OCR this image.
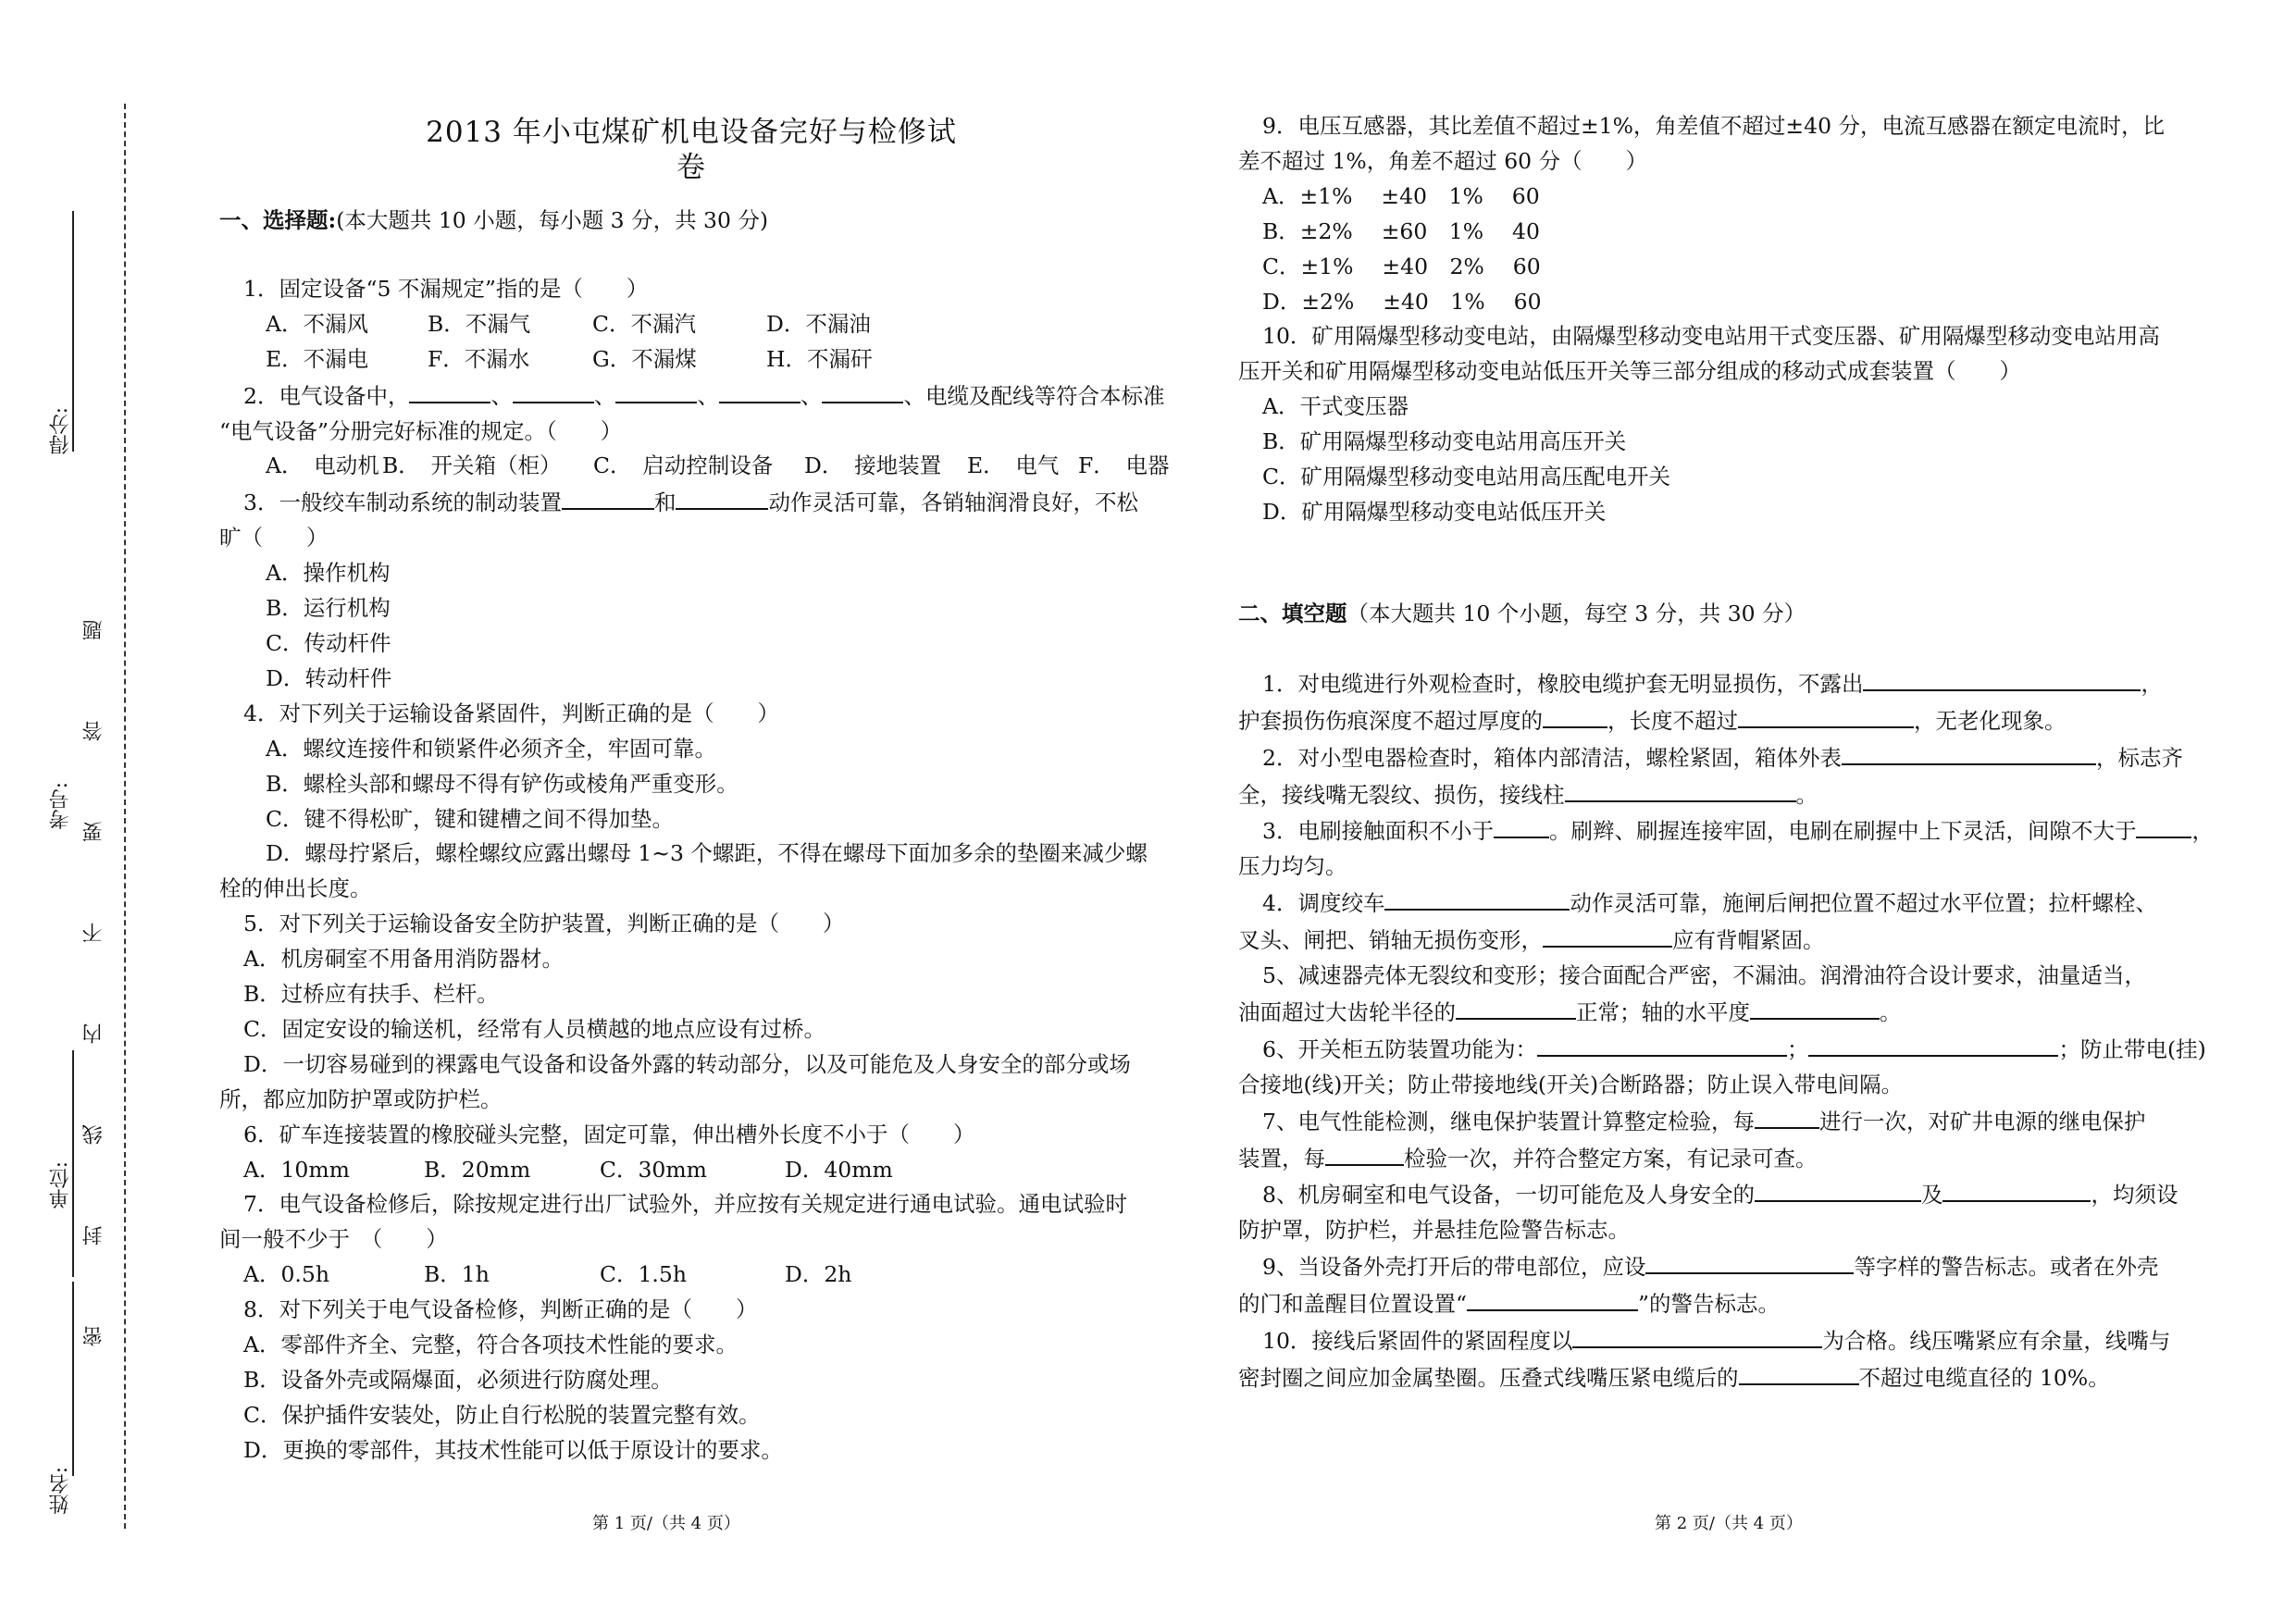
得分:
单位:
姓名:
考号: 密 封 线 内 不 要 答 题
2013 年小屯煤矿机电设备完好与检修试卷
一、选择题:(本大题共 10 小题，每小题 3 分，共 30 分)
1．固定设备“5 不漏规定”指的是（　　）
A．不漏风	B．不漏气	C．不漏汽	D．不漏油
E．不漏电	F．不漏水	G．不漏煤	H．不漏矸
2．电气设备中，	、	、	、	、	、电缆及配线等符合本标准
“电气设备”分册完好标准的规定。（　　）
A．　电动机 B．　开关箱（柜）	C．　启动控制设备	D．　接地装置	E．　电气 F．　电器
3．一般绞车制动系统的制动装置	和	动作灵活可靠，各销轴润滑良好，不松
旷（　　）
A．操作机构
B．运行机构
C．传动杆件
D．转动杆件
4．对下列关于运输设备紧固件，判断正确的是（　　）
A．螺纹连接件和锁紧件必须齐全，牢固可靠。
B．螺栓头部和螺母不得有铲伤或棱角严重变形。
C．键不得松旷，键和键槽之间不得加垫。
D．螺母拧紧后，螺栓螺纹应露出螺母 1~3 个螺距，不得在螺母下面加多余的垫圈来减少螺
栓的伸出长度。
5．对下列关于运输设备安全防护装置，判断正确的是（　　）
A．机房硐室不用备用消防器材。
B．过桥应有扶手、栏杆。
C．固定安设的输送机，经常有人员横越的地点应设有过桥。
D．一切容易碰到的裸露电气设备和设备外露的转动部分，以及可能危及人身安全的部分或场
所，都应加防护罩或防护栏。
6．矿车连接装置的橡胶碰头完整，固定可靠，伸出槽外长度不小于（　　）
A．10mm	B．20mm	C．30mm	D．40mm
7．电气设备检修后，除按规定进行出厂试验外，并应按有关规定进行通电试验。通电试验时
间一般不少于　（　　）
A．0.5h	B．1h	C．1.5h	D．2h
8．对下列关于电气设备检修，判断正确的是（　　）
A．零部件齐全、完整，符合各项技术性能的要求。
B．设备外壳或隔爆面，必须进行防腐处理。
C．保护插件安装处，防止自行松脱的装置完整有效。
D．更换的零部件，其技术性能可以低于原设计的要求。
第 1 页/（共 4 页）
9．电压互感器，其比差值不超过±1%，角差值不超过±40 分，电流互感器在额定电流时，比
差不超过 1%，角差不超过 60 分（　　）
A．±1%　 ±40　1%　 60
B．±2%　 ±60　1%　 40
C．±1%　 ±40　2%　 60
D．±2%　 ±40　1%　 60
10．矿用隔爆型移动变电站，由隔爆型移动变电站用干式变压器、矿用隔爆型移动变电站用高
压开关和矿用隔爆型移动变电站低压开关等三部分组成的移动式成套装置（　　）
A．干式变压器
B．矿用隔爆型移动变电站用高压开关
C．矿用隔爆型移动变电站用高压配电开关
D．矿用隔爆型移动变电站低压开关
二、填空题（本大题共 10 个小题，每空 3 分，共 30 分）
1．对电缆进行外观检查时，橡胶电缆护套无明显损伤，不露出	，
护套损伤伤痕深度不超过厚度的	，长度不超过	，无老化现象。
2．对小型电器检查时，箱体内部清洁，螺栓紧固，箱体外表	，标志齐
全，接线嘴无裂纹、损伤，接线柱	。
3．电刷接触面积不小于	。刷辫、刷握连接牢固，电刷在刷握中上下灵活，间隙不大于	，
压力均匀。
4．调度绞车	动作灵活可靠，施闸后闸把位置不超过水平位置；拉杆螺栓、
叉头、闸把、销轴无损伤变形，	应有背帽紧固。
5、减速器壳体无裂纹和变形；接合面配合严密，不漏油。润滑油符合设计要求，油量适当，
油面超过大齿轮半径的	正常；轴的水平度	。
6、开关柜五防装置功能为：	；	；防止带电(挂)
合接地(线)开关；防止带接地线(开关)合断路器；防止误入带电间隔。
7、电气性能检测，继电保护装置计算整定检验，每	进行一次，对矿井电源的继电保护
装置，每	检验一次，并符合整定方案，有记录可查。
8、机房硐室和电气设备，一切可能危及人身安全的	及	，均须设
防护罩，防护栏，并悬挂危险警告标志。
9、当设备外壳打开后的带电部位，应设	等字样的警告标志。或者在外壳
的门和盖醒目位置设置“	”的警告标志。
10．接线后紧固件的紧固程度以	为合格。线压嘴紧应有余量，线嘴与
密封圈之间应加金属垫圈。压叠式线嘴压紧电缆后的	不超过电缆直径的 10%。
第 2 页/（共 4 页）
